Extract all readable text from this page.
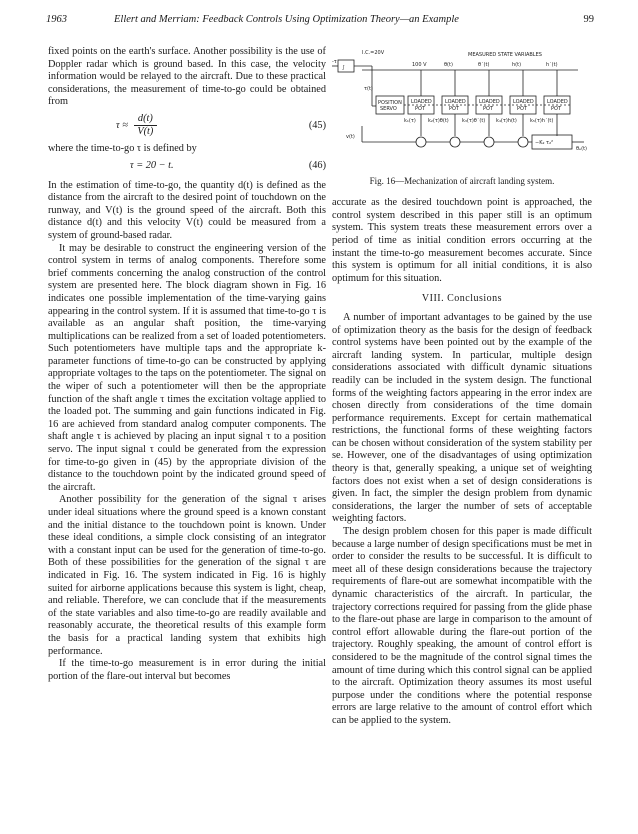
1963	Ellert and Merriam: Feedback Controls Using Optimization Theory—an Example	99

fixed points on the earth's surface. Another possibility is the use of Doppler radar which is ground based. In this case, the velocity information would be relayed to the aircraft. Due to these practical considerations, the measurement of time-to-go could be obtained from

$\tau \approx \frac{d(t)}{V(t)}$	(45)

where the time-to-go τ is defined by

τ = 20 − t.	(46)

In the estimation of time-to-go, the quantity d(t) is defined as the distance from the aircraft to the desired point of touchdown on the runway, and V(t) is the ground speed of the aircraft. Both this distance d(t) and this velocity V(t) could be measured from a system of ground-based radar.

It may be desirable to construct the engineering version of the control system in terms of analog components. Therefore some brief comments concerning the analog construction of the control system are presented here. The block diagram shown in Fig. 16 indicates one possible implementation of the time-varying gains appearing in the control system. If it is assumed that time-to-go τ is available as an angular shaft position, the time-varying multiplications can be realized from a set of loaded potentiometers. Such potentiometers have multiple taps and the appropriate k-parameter functions of time-to-go can be constructed by applying appropriate voltages to the taps on the potentiometer. The signal on the wiper of such a potentiometer will then be the appropriate function of the shaft angle τ times the excitation voltage applied to the loaded pot. The summing and gain functions indicated in Fig. 16 are achieved from standard analog computer components. The shaft angle τ is achieved by placing an input signal τ to a position servo. The input signal τ could be generated from the expression for time-to-go given in (45) by the appropriate division of the distance to the touchdown point by the indicated ground speed of the aircraft.

Another possibility for the generation of the signal τ arises under ideal situations where the ground speed is a known constant and the initial distance to the touchdown point is known. Under these ideal conditions, a simple clock consisting of an integrator with a constant input can be used for the generation of time-to-go. Both of these possibilities for the generation of the signal τ are indicated in Fig. 16. The system indicated in Fig. 16 is highly suited for airborne applications because this system is light, cheap, and reliable. Therefore, we can conclude that if the measurements of the state variables and also time-to-go are readily available and reasonably accurate, the theoretical results of this example form the basis for a practical landing system that exhibits high performance.

If the time-to-go measurement is in error during the initial portion of the flare-out interval but becomes

I.C.=20V	MEASURED STATE VARIABLES
-τ
∫	100 V	θ(t)	θ˙(t)	h(t)	h˙(t)
τ(t)
POSITION
SERVO
LOADED
POT
LOADED
POT
LOADED
POT
LOADED
POT
LOADED
POT
k₁(τ) k₂(τ)θ(t)	k₃(τ)θ˙(t) k₄(τ)h(t)	k₅(τ)h˙(t)
v(t)
−K₂ τ₂²
θₑ(t)
Fig. 16—Mechanization of aircraft landing system.

accurate as the desired touchdown point is approached, the control system described in this paper still is an optimum system. This system treats these measurement errors over a period of time as initial condition errors occurring at the instant the time-to-go measurement becomes accurate. Since this system is optimum for all initial conditions, it is also optimum for this situation.

VIII. Conclusions

A number of important advantages to be gained by the use of optimization theory as the basis for the design of feedback control systems have been pointed out by the example of the aircraft landing system. In particular, multiple design considerations associated with difficult dynamic situations readily can be included in the system design. The functional forms of the weighting factors appearing in the error index are chosen directly from considerations of the time domain performance requirements. Except for certain mathematical restrictions, the functional forms of these weighting factors can be chosen without consideration of the system stability per se. However, one of the disadvantages of using optimization theory is that, generally speaking, a unique set of weighting factors does not exist when a set of design considerations is given. In fact, the simpler the design problem from dynamic considerations, the larger the number of sets of acceptable weighting factors.

The design problem chosen for this paper is made difficult because a large number of design specifications must be met in order to consider the results to be successful. It is difficult to meet all of these design considerations because the trajectory requirements of flare-out are somewhat incompatible with the dynamic characteristics of the aircraft. In particular, the trajectory corrections required for passing from the glide phase to the flare-out phase are large in comparison to the amount of control effort allowable during the flare-out portion of the trajectory. Roughly speaking, the amount of control effort is considered to be the magnitude of the control signal times the amount of time during which this control signal can be applied to the aircraft. Optimization theory assumes its most useful purpose under the conditions where the potential response errors are large relative to the amount of control effort which can be applied to the system.
